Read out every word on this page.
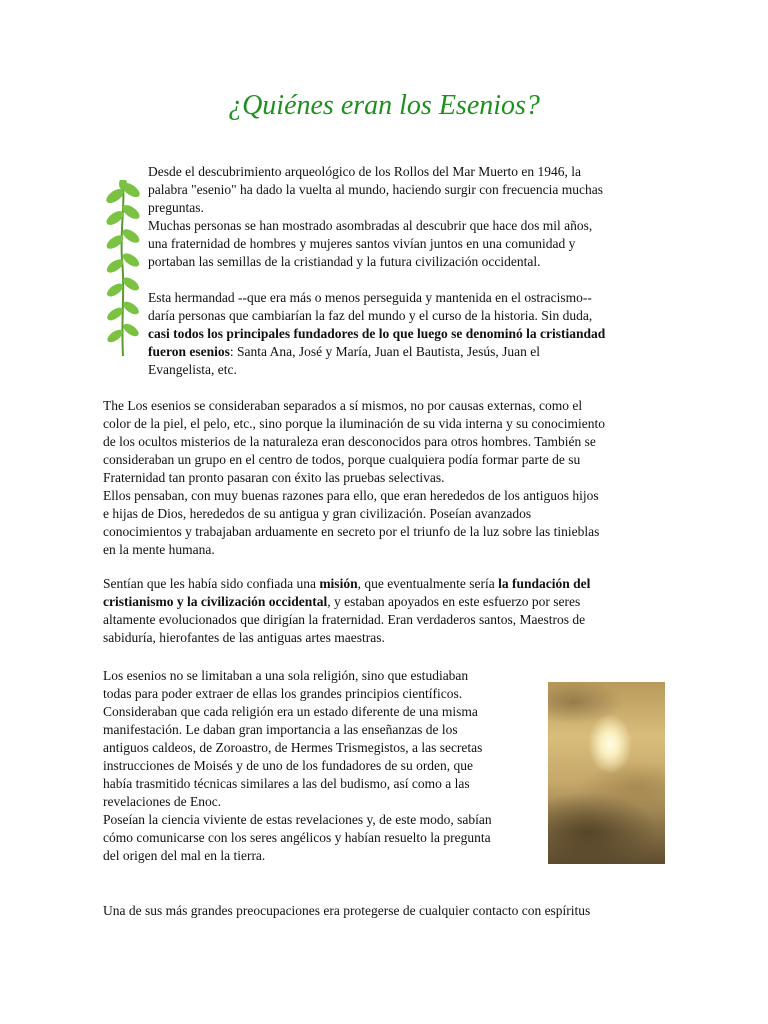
¿Quiénes eran los Esenios?

Desde el descubrimiento arqueológico de los Rollos del Mar Muerto en 1946, la

palabra "esenio" ha dado la vuelta al mundo, haciendo surgir con frecuencia muchas

preguntas.

Muchas personas se han mostrado asombradas al descubrir que hace dos mil años,

una fraternidad de hombres y mujeres santos vivían juntos en una comunidad y

portaban las semillas de la cristiandad y la futura civilización occidental.

Esta hermandad --que era más o menos perseguida y mantenida en el ostracismo--

daría personas que cambiarían la faz del mundo y el curso de la historia. Sin duda,

casi todos los principales fundadores de lo que luego se denominó la cristiandad

fueron esenios: Santa Ana, José y María, Juan el Bautista, Jesús, Juan el

Evangelista, etc.

The Los esenios se consideraban separados a sí mismos, no por causas externas, como el

color de la piel, el pelo, etc., sino porque la iluminación de su vida interna y su conocimiento

de los ocultos misterios de la naturaleza eran desconocidos para otros hombres. También se

consideraban un grupo en el centro de todos, porque cualquiera podía formar parte de su

Fraternidad tan pronto pasaran con éxito las pruebas selectivas.

Ellos pensaban, con muy buenas razones para ello, que eran herededos de los antiguos hijos

e hijas de Dios, herededos de su antigua y gran civilización. Poseían avanzados

conocimientos y trabajaban arduamente en secreto por el triunfo de la luz sobre las tinieblas

en la mente humana.

Sentían que les había sido confiada una misión, que eventualmente sería la fundación del

cristianismo y la civilización occidental, y estaban apoyados en este esfuerzo por seres

altamente evolucionados que dirigían la fraternidad. Eran verdaderos santos, Maestros de

sabiduría, hierofantes de las antiguas artes maestras.

Los esenios no se limitaban a una sola religión, sino que estudiaban

todas para poder extraer de ellas los grandes principios científicos.

Consideraban que cada religión era un estado diferente de una misma

manifestación. Le daban gran importancia a las enseñanzas de los

antiguos caldeos, de Zoroastro, de Hermes Trismegistos, a las secretas

instrucciones de Moisés y de uno de los fundadores de su orden, que

había trasmitido técnicas similares a las del budismo, así como a las

revelaciones de Enoc.

Poseían la ciencia viviente de estas revelaciones y, de este modo, sabían

cómo comunicarse con los seres angélicos y habían resuelto la pregunta

del origen del mal en la tierra.

Una de sus más grandes preocupaciones era protegerse de cualquier contacto con espíritus
